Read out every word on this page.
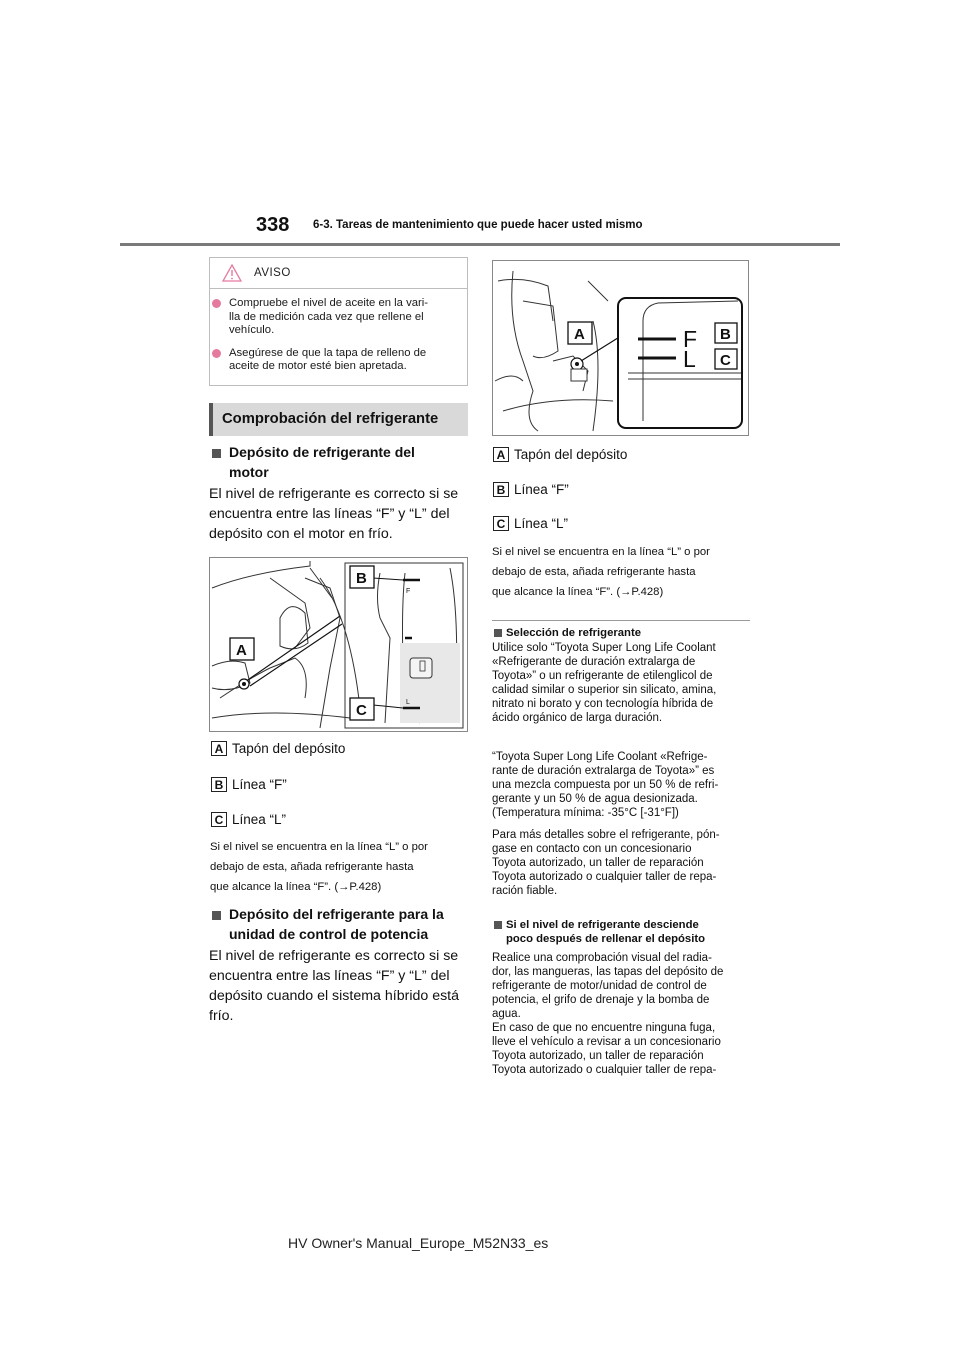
338 6-3. Tareas de mantenimiento que puede hacer usted mismo
AVISO
Compruebe el nivel de aceite en la vari-
lla de medición cada vez que rellene el
vehículo.
Asegúrese de que la tapa de relleno de
aceite de motor esté bien apretada.
Comprobación del refrigerante
Depósito de refrigerante del
motor
El nivel de refrigerante es correcto si se
encuentra entre las líneas “F” y “L” del
depósito con el motor en frío.
F
L
B
C
A
A Tapón del depósito
B Línea “F”
C Línea “L”
Si el nivel se encuentra en la línea “L” o por
debajo de esta, añada refrigerante hasta
que alcance la línea “F”. (→P.428)
Depósito del refrigerante para la
unidad de control de potencia
El nivel de refrigerante es correcto si se
encuentra entre las líneas “F” y “L” del
depósito cuando el sistema híbrido está
frío.
F
L
A	B
C
A Tapón del depósito
B Línea “F”
C Línea “L”
Si el nivel se encuentra en la línea “L” o por
debajo de esta, añada refrigerante hasta
que alcance la línea “F”. (→P.428)
Selección de refrigerante
Utilice solo “Toyota Super Long Life Coolant
«Refrigerante de duración extralarga de
Toyota»” o un refrigerante de etilenglicol de
calidad similar o superior sin silicato, amina,
nitrato ni borato y con tecnología híbrida de
ácido orgánico de larga duración.
“Toyota Super Long Life Coolant «Refrige-
rante de duración extralarga de Toyota»” es
una mezcla compuesta por un 50 % de refri-
gerante y un 50 % de agua desionizada.
(Temperatura mínima: -35°C [-31°F])
Para más detalles sobre el refrigerante, pón-
gase en contacto con un concesionario
Toyota autorizado, un taller de reparación
Toyota autorizado o cualquier taller de repa-
ración fiable.
Si el nivel de refrigerante desciende
poco después de rellenar el depósito
Realice una comprobación visual del radia-
dor, las mangueras, las tapas del depósito de
refrigerante de motor/unidad de control de
potencia, el grifo de drenaje y la bomba de
agua.
En caso de que no encuentre ninguna fuga,
lleve el vehículo a revisar a un concesionario
Toyota autorizado, un taller de reparación
Toyota autorizado o cualquier taller de repa-
HV Owner's Manual_Europe_M52N33_es
